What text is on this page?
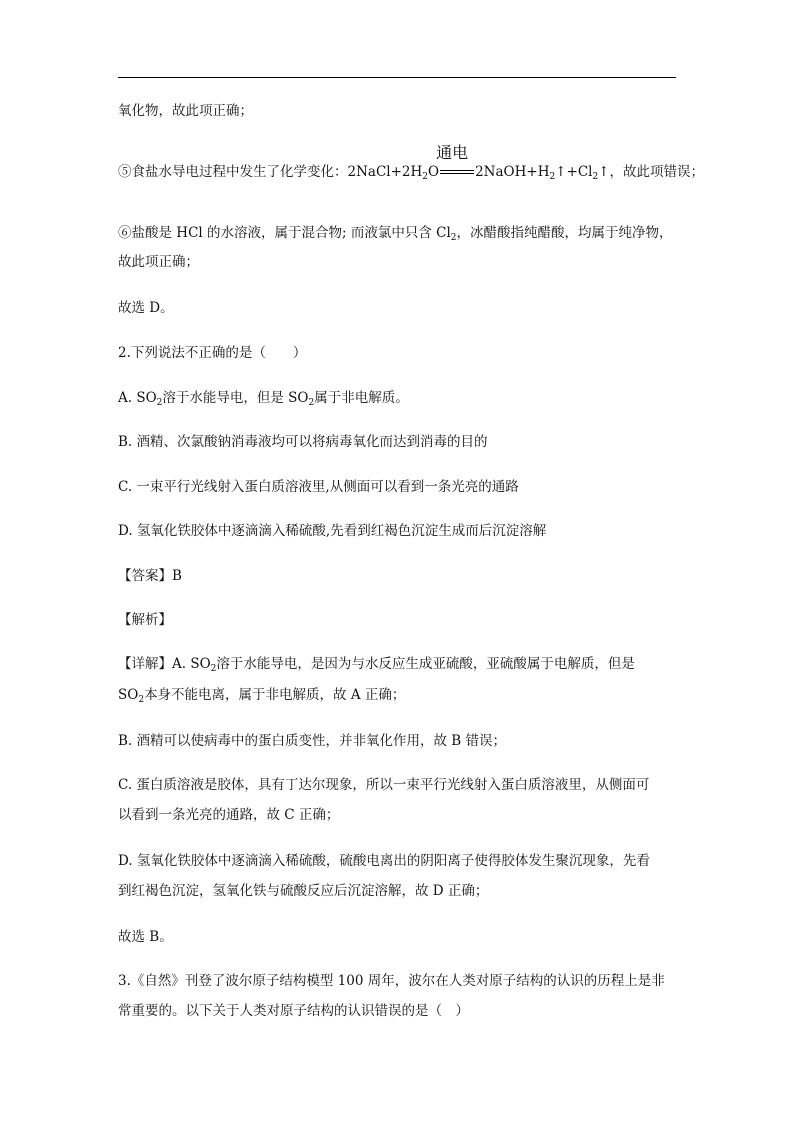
氧化物，故此项正确；
⑤食盐水导电过程中发生了化学变化：$2NaCl+2H_2O$
通电
$2NaOH+H_2↑+Cl_2↑$，故此项错误；
⑥盐酸是 HCl 的水溶液，属于混合物; 而液氯中只含 $Cl_2$，冰醋酸指纯醋酸，均属于纯净物，
故此项正确；
故选 D。
2.下列说法不正确的是（　　）
A. $SO_2$溶于水能导电，但是 $SO_2$属于非电解质。
B. 酒精、次氯酸钠消毒液均可以将病毒氧化而达到消毒的目的
C. 一束平行光线射入蛋白质溶液里,从侧面可以看到一条光亮的通路
D. 氢氧化铁胶体中逐滴滴入稀硫酸,先看到红褐色沉淀生成而后沉淀溶解
【答案】B
【解析】
【详解】A. $SO_2$溶于水能导电，是因为与水反应生成亚硫酸，亚硫酸属于电解质，但是
$SO_2$本身不能电离，属于非电解质，故 A 正确；
B. 酒精可以使病毒中的蛋白质变性，并非氧化作用，故 B 错误；
C. 蛋白质溶液是胶体，具有丁达尔现象，所以一束平行光线射入蛋白质溶液里，从侧面可
以看到一条光亮的通路，故 C 正确；
D. 氢氧化铁胶体中逐滴滴入稀硫酸，硫酸电离出的阴阳离子使得胶体发生聚沉现象，先看
到红褐色沉淀，氢氧化铁与硫酸反应后沉淀溶解，故 D 正确；
故选 B。
3.《自然》刊登了波尔原子结构模型 100 周年，波尔在人类对原子结构的认识的历程上是非
常重要的。以下关于人类对原子结构的认识错误的是（　）
